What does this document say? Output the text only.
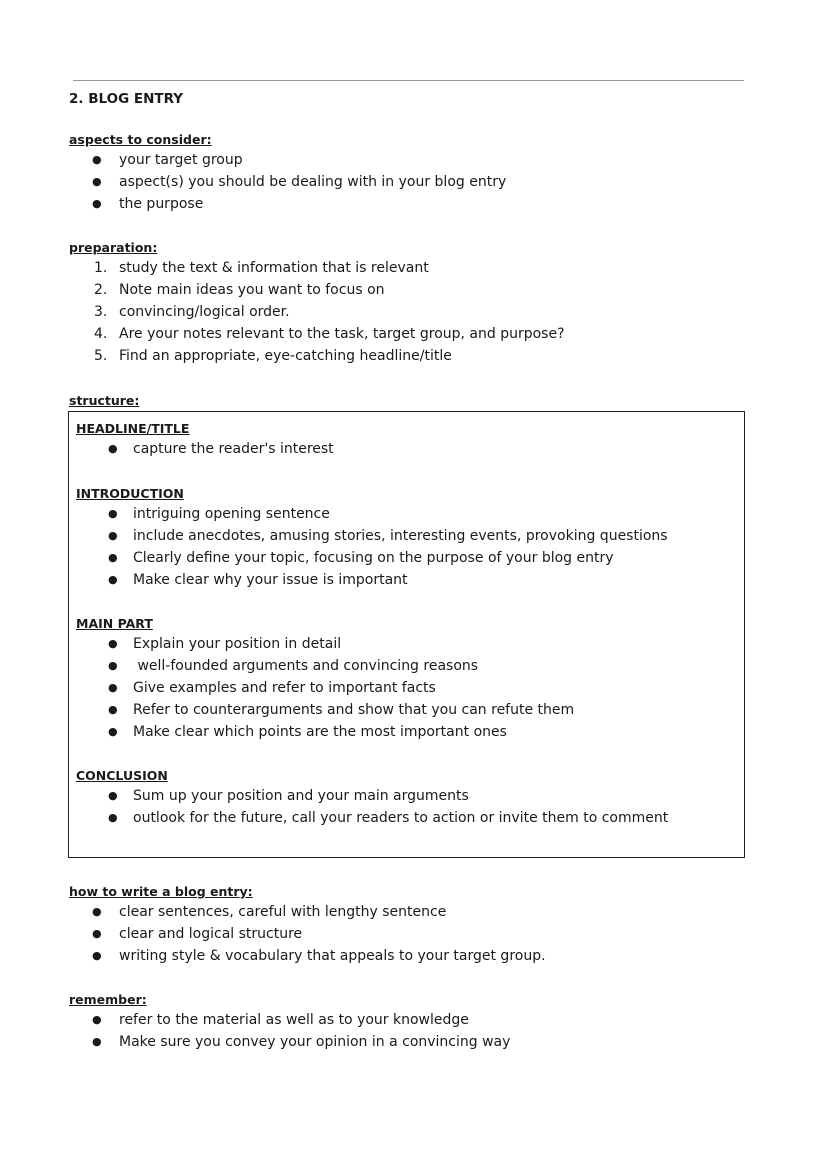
2. BLOG ENTRY

aspects to consider:

● your target group
● aspect(s) you should be dealing with in your blog entry
● the purpose

preparation:

1. study the text & information that is relevant
2. Note main ideas you want to focus on
3. convincing/logical order.
4. Are your notes relevant to the task, target group, and purpose?
5. Find an appropriate, eye-catching headline/title

structure:

HEADLINE/TITLE

● capture the reader's interest

INTRODUCTION

● intriguing opening sentence
● include anecdotes, amusing stories, interesting events, provoking questions
● Clearly define your topic, focusing on the purpose of your blog entry
● Make clear why your issue is important

MAIN PART

● Explain your position in detail
● well-founded arguments and convincing reasons
● Give examples and refer to important facts
● Refer to counterarguments and show that you can refute them
● Make clear which points are the most important ones

CONCLUSION

● Sum up your position and your main arguments
● outlook for the future, call your readers to action or invite them to comment

how to write a blog entry:

● clear sentences, careful with lengthy sentence
● clear and logical structure
● writing style & vocabulary that appeals to your target group.

remember:

● refer to the material as well as to your knowledge
● Make sure you convey your opinion in a convincing way
